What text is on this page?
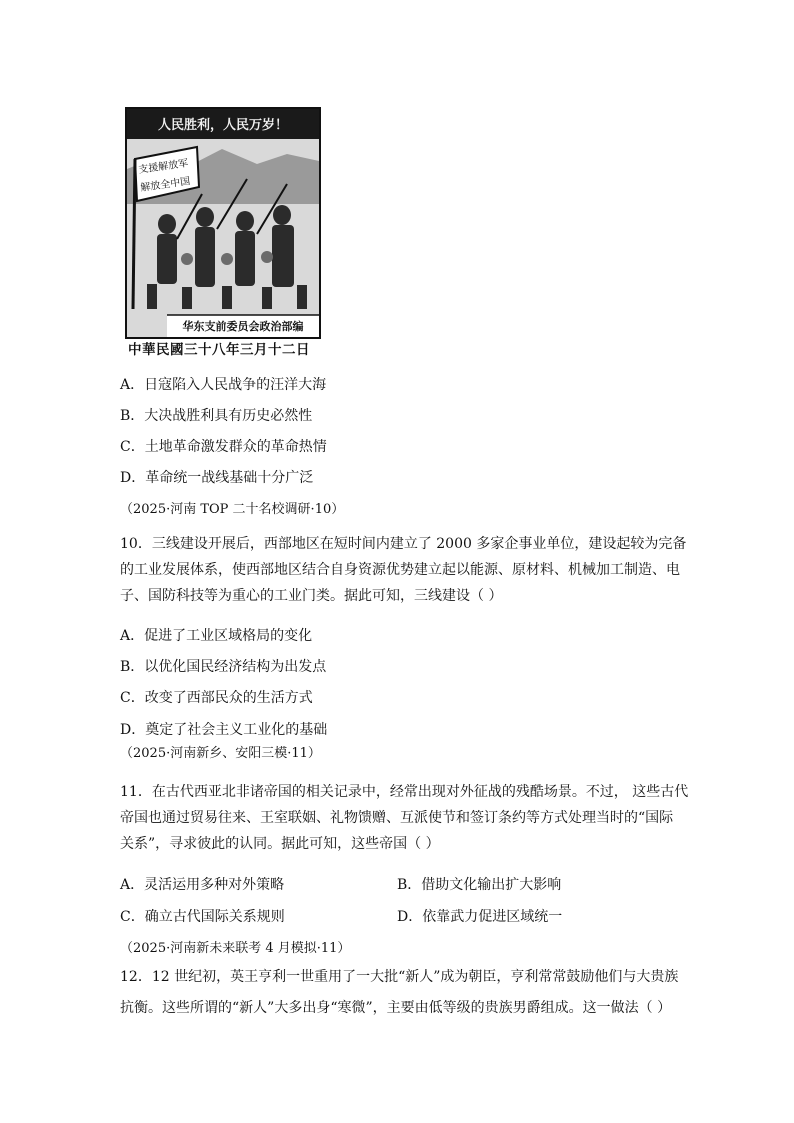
人民胜利，人民万岁！
支援解放军
解放全中国
华东支前委员会政治部编
中華民國三十八年三月十二日
A．日寇陷入人民战争的汪洋大海
B．大决战胜利具有历史必然性
C．土地革命激发群众的革命热情
D．革命统一战线基础十分广泛
（2025·河南 TOP 二十名校调研·10）
10．三线建设开展后，西部地区在短时间内建立了 2000 多家企事业单位，建设起较为完备
的工业发展体系，使西部地区结合自身资源优势建立起以能源、原材料、机械加工制造、电
子、国防科技等为重心的工业门类。据此可知，三线建设（ ）
A．促进了工业区域格局的变化
B．以优化国民经济结构为出发点
C．改变了西部民众的生活方式
D．奠定了社会主义工业化的基础
（2025·河南新乡、安阳三模·11）
11．在古代西亚北非诸帝国的相关记录中，经常出现对外征战的残酷场景。不过， 这些古代
帝国也通过贸易往来、王室联姻、礼物馈赠、互派使节和签订条约等方式处理当时的“国际
关系”，寻求彼此的认同。据此可知，这些帝国（ ）
A．灵活运用多种对外策略	B．借助文化输出扩大影响
C．确立古代国际关系规则	D．依靠武力促进区域统一
（2025·河南新未来联考 4 月模拟·11）
12．12 世纪初，英王亨利一世重用了一大批“新人”成为朝臣，亨利常常鼓励他们与大贵族
抗衡。这些所谓的“新人”大多出身“寒微”，主要由低等级的贵族男爵组成。这一做法（ ）
